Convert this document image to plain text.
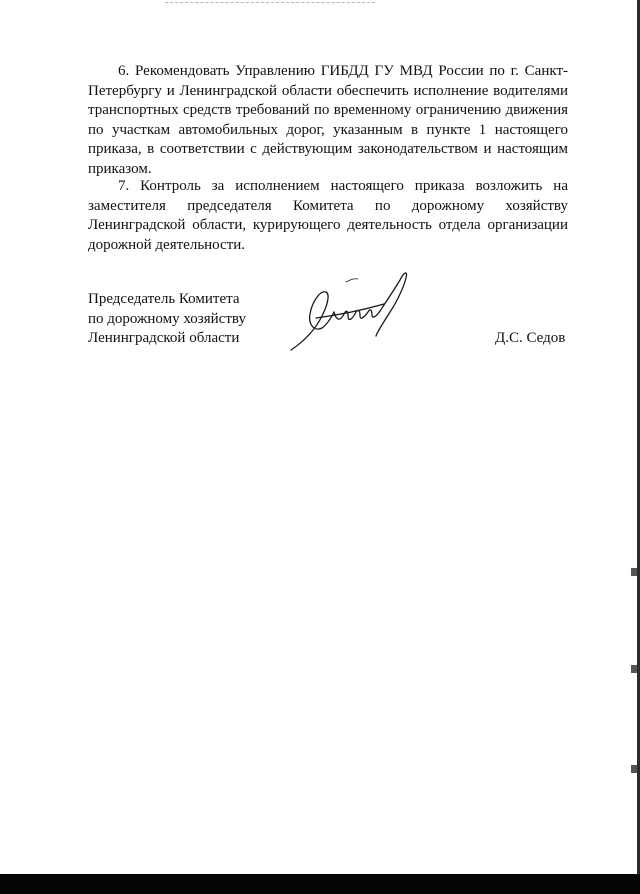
6. Рекомендовать Управлению ГИБДД ГУ МВД России по г. Санкт-Петербургу и Ленинградской области обеспечить исполнение водителями транспортных средств требований по временному ограничению движения по участкам автомобильных дорог, указанным в пункте 1 настоящего приказа, в соответствии с действующим законодательством и настоящим приказом.

7. Контроль за исполнением настоящего приказа возложить на заместителя председателя Комитета по дорожному хозяйству Ленинградской области, курирующего деятельность отдела организации дорожной деятельности.

Председатель Комитета
по дорожному хозяйству
Ленинградской области	Д.С. Седов
